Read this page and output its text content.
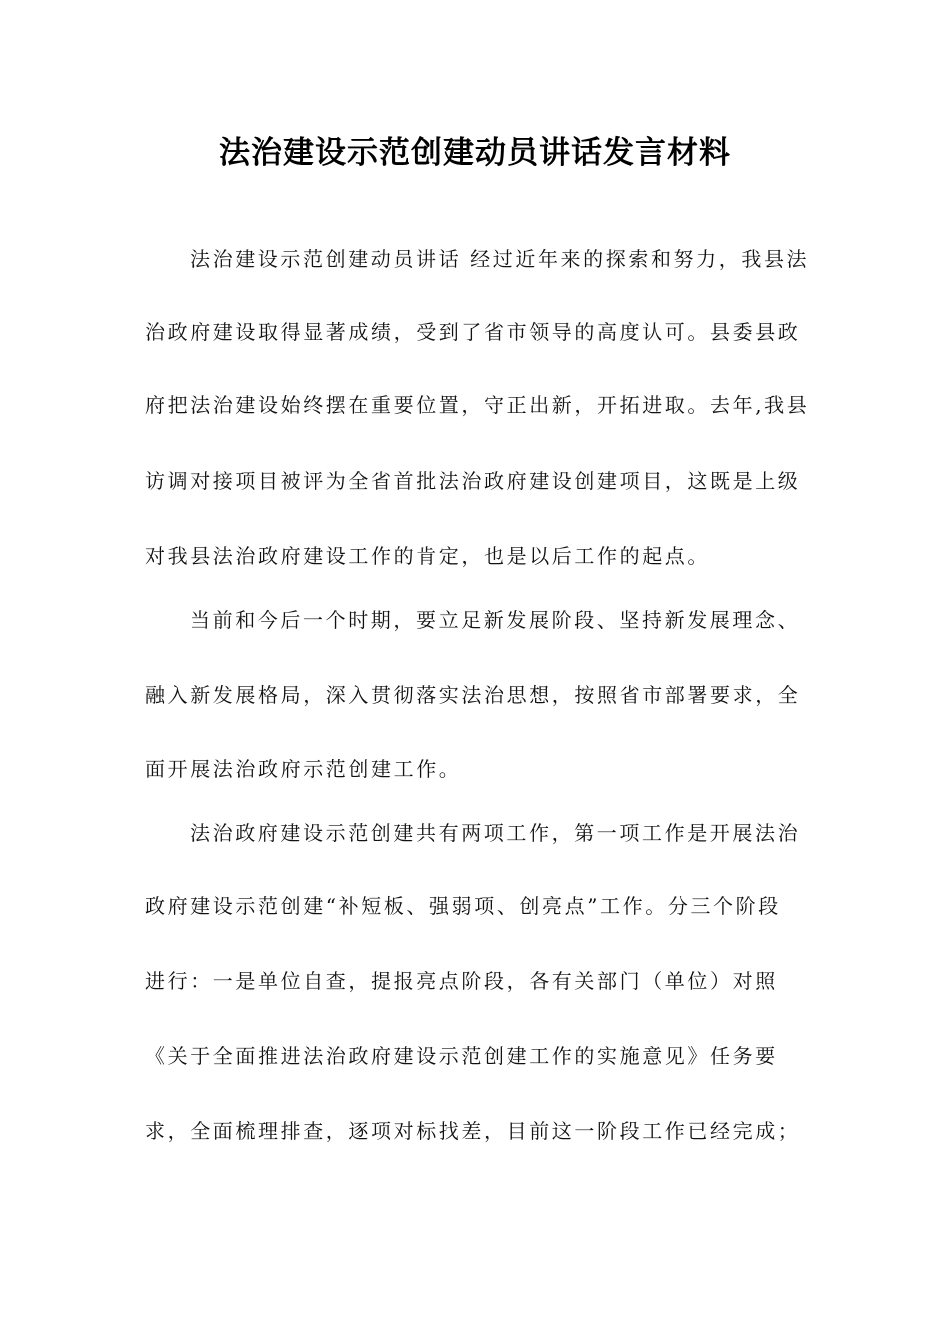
法治建设示范创建动员讲话发言材料
法治建设示范创建动员讲话 经过近年来的探索和努力，我县法
治政府建设取得显著成绩，受到了省市领导的高度认可。县委县政
府把法治建设始终摆在重要位置，守正出新，开拓进取。去年,我县
访调对接项目被评为全省首批法治政府建设创建项目，这既是上级
对我县法治政府建设工作的肯定，也是以后工作的起点。
当前和今后一个时期，要立足新发展阶段、坚持新发展理念、
融入新发展格局，深入贯彻落实法治思想，按照省市部署要求，全
面开展法治政府示范创建工作。
法治政府建设示范创建共有两项工作，第一项工作是开展法治
政府建设示范创建“补短板、强弱项、创亮点”工作。分三个阶段
进行：一是单位自查，提报亮点阶段，各有关部门（单位）对照
《关于全面推进法治政府建设示范创建工作的实施意见》任务要
求，全面梳理排查，逐项对标找差，目前这一阶段工作已经完成；
